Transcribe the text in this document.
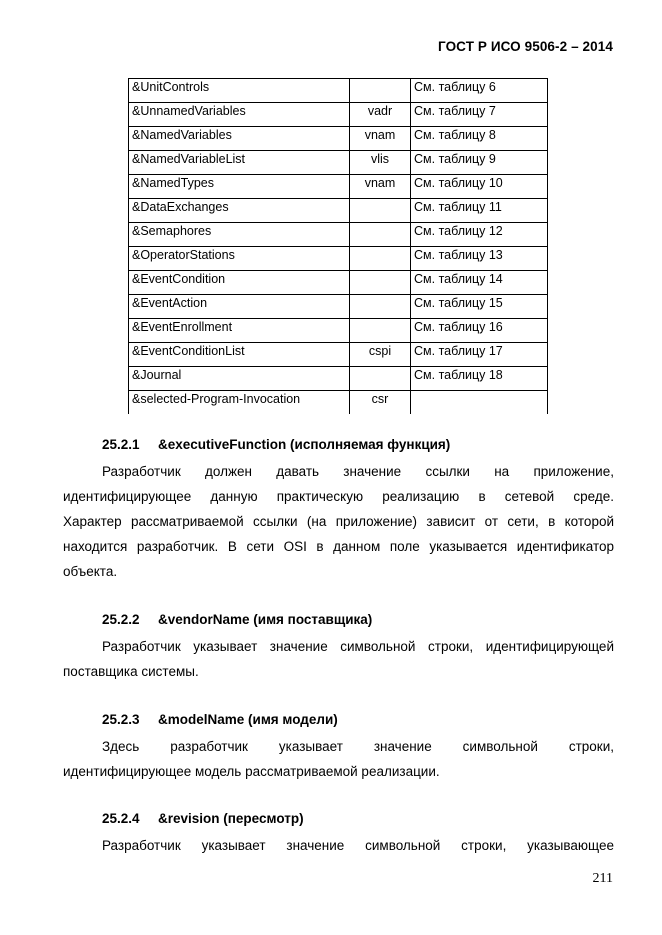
ГОСТ Р ИСО 9506-2 – 2014
&UnitControls		См. таблицу 6
&UnnamedVariables	vadr	См. таблицу 7
&NamedVariables	vnam	См. таблицу 8
&NamedVariableList	vlis	См. таблицу 9
&NamedTypes	vnam	См. таблицу 10
&DataExchanges		См. таблицу 11
&Semaphores		См. таблицу 12
&OperatorStations		См. таблицу 13
&EventCondition		См. таблицу 14
&EventAction		См. таблицу 15
&EventEnrollment		См. таблицу 16
&EventConditionList	cspi	См. таблицу 17
&Journal		См. таблицу 18
&selected-Program-Invocation	csr	
25.2.1 &executiveFunction (исполняемая функция)
Разработчик должен давать значение ссылки на приложение,
идентифицирующее данную практическую реализацию в сетевой среде.
Характер рассматриваемой ссылки (на приложение) зависит от сети, в которой
находится разработчик. В сети OSI в данном поле указывается идентификатор
объекта.
25.2.2 &vendorName (имя поставщика)
Разработчик указывает значение символьной строки, идентифицирующей
поставщика системы.
25.2.3 &modelName (имя модели)
Здесь разработчик указывает значение символьной строки,
идентифицирующее модель рассматриваемой реализации.
25.2.4 &revision (пересмотр)
Разработчик указывает значение символьной строки, указывающее
211
